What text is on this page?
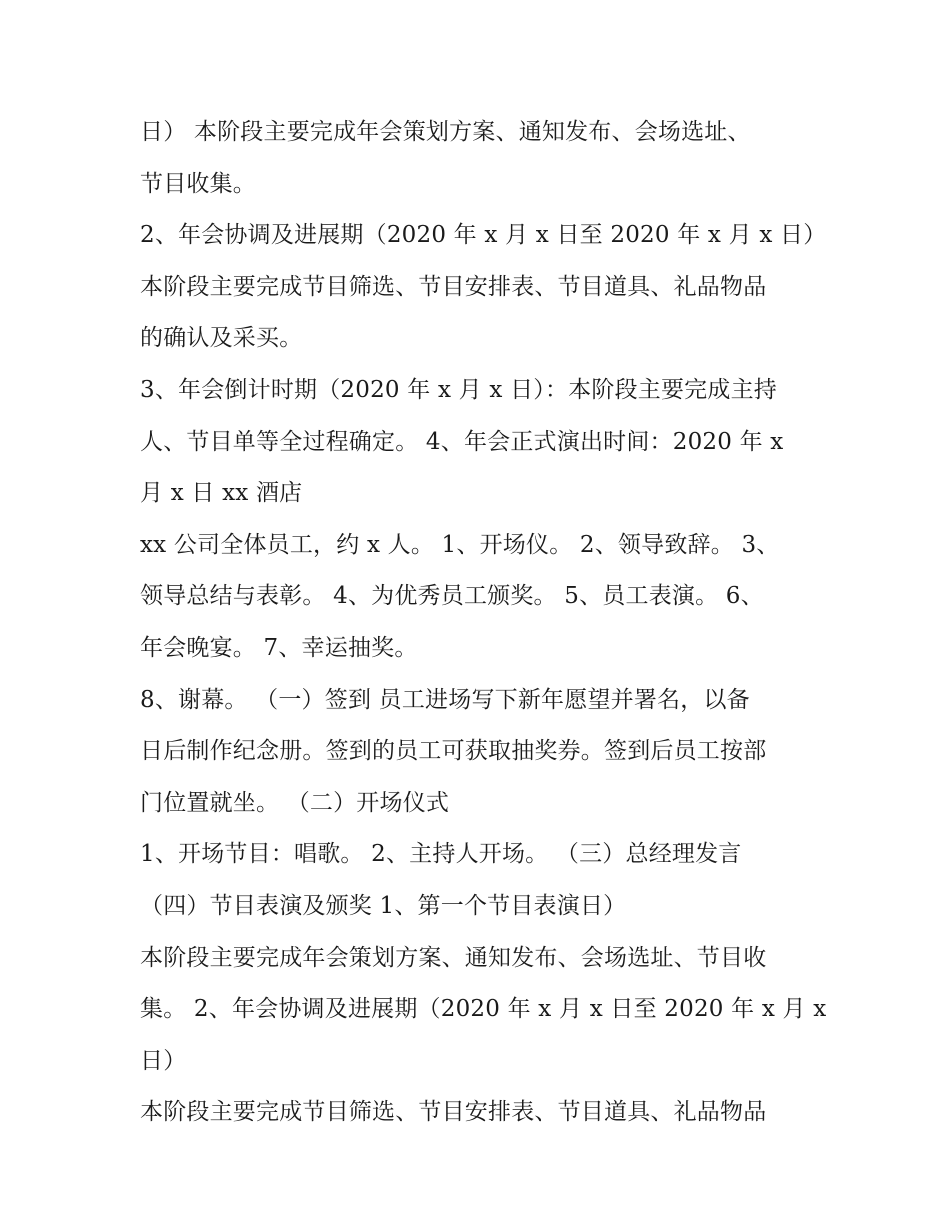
日） 本阶段主要完成年会策划方案、通知发布、会场选址、
节目收集。
2、年会协调及进展期（2020 年 x 月 x 日至 2020 年 x 月 x 日）
本阶段主要完成节目筛选、节目安排表、节目道具、礼品物品
的确认及采买。
3、年会倒计时期（2020 年 x 月 x 日）：本阶段主要完成主持
人、节目单等全过程确定。 4、年会正式演出时间：2020 年 x
月 x 日 xx 酒店
xx 公司全体员工，约 x 人。 1、开场仪。 2、领导致辞。 3、
领导总结与表彰。 4、为优秀员工颁奖。 5、员工表演。 6、
年会晚宴。 7、幸运抽奖。
8、谢幕。 （一）签到 员工进场写下新年愿望并署名，以备
日后制作纪念册。签到的员工可获取抽奖券。签到后员工按部
门位置就坐。 （二）开场仪式
1、开场节目：唱歌。 2、主持人开场。 （三）总经理发言
（四）节目表演及颁奖 1、第一个节目表演日）
本阶段主要完成年会策划方案、通知发布、会场选址、节目收
集。 2、年会协调及进展期（2020 年 x 月 x 日至 2020 年 x 月 x
日）
本阶段主要完成节目筛选、节目安排表、节目道具、礼品物品
